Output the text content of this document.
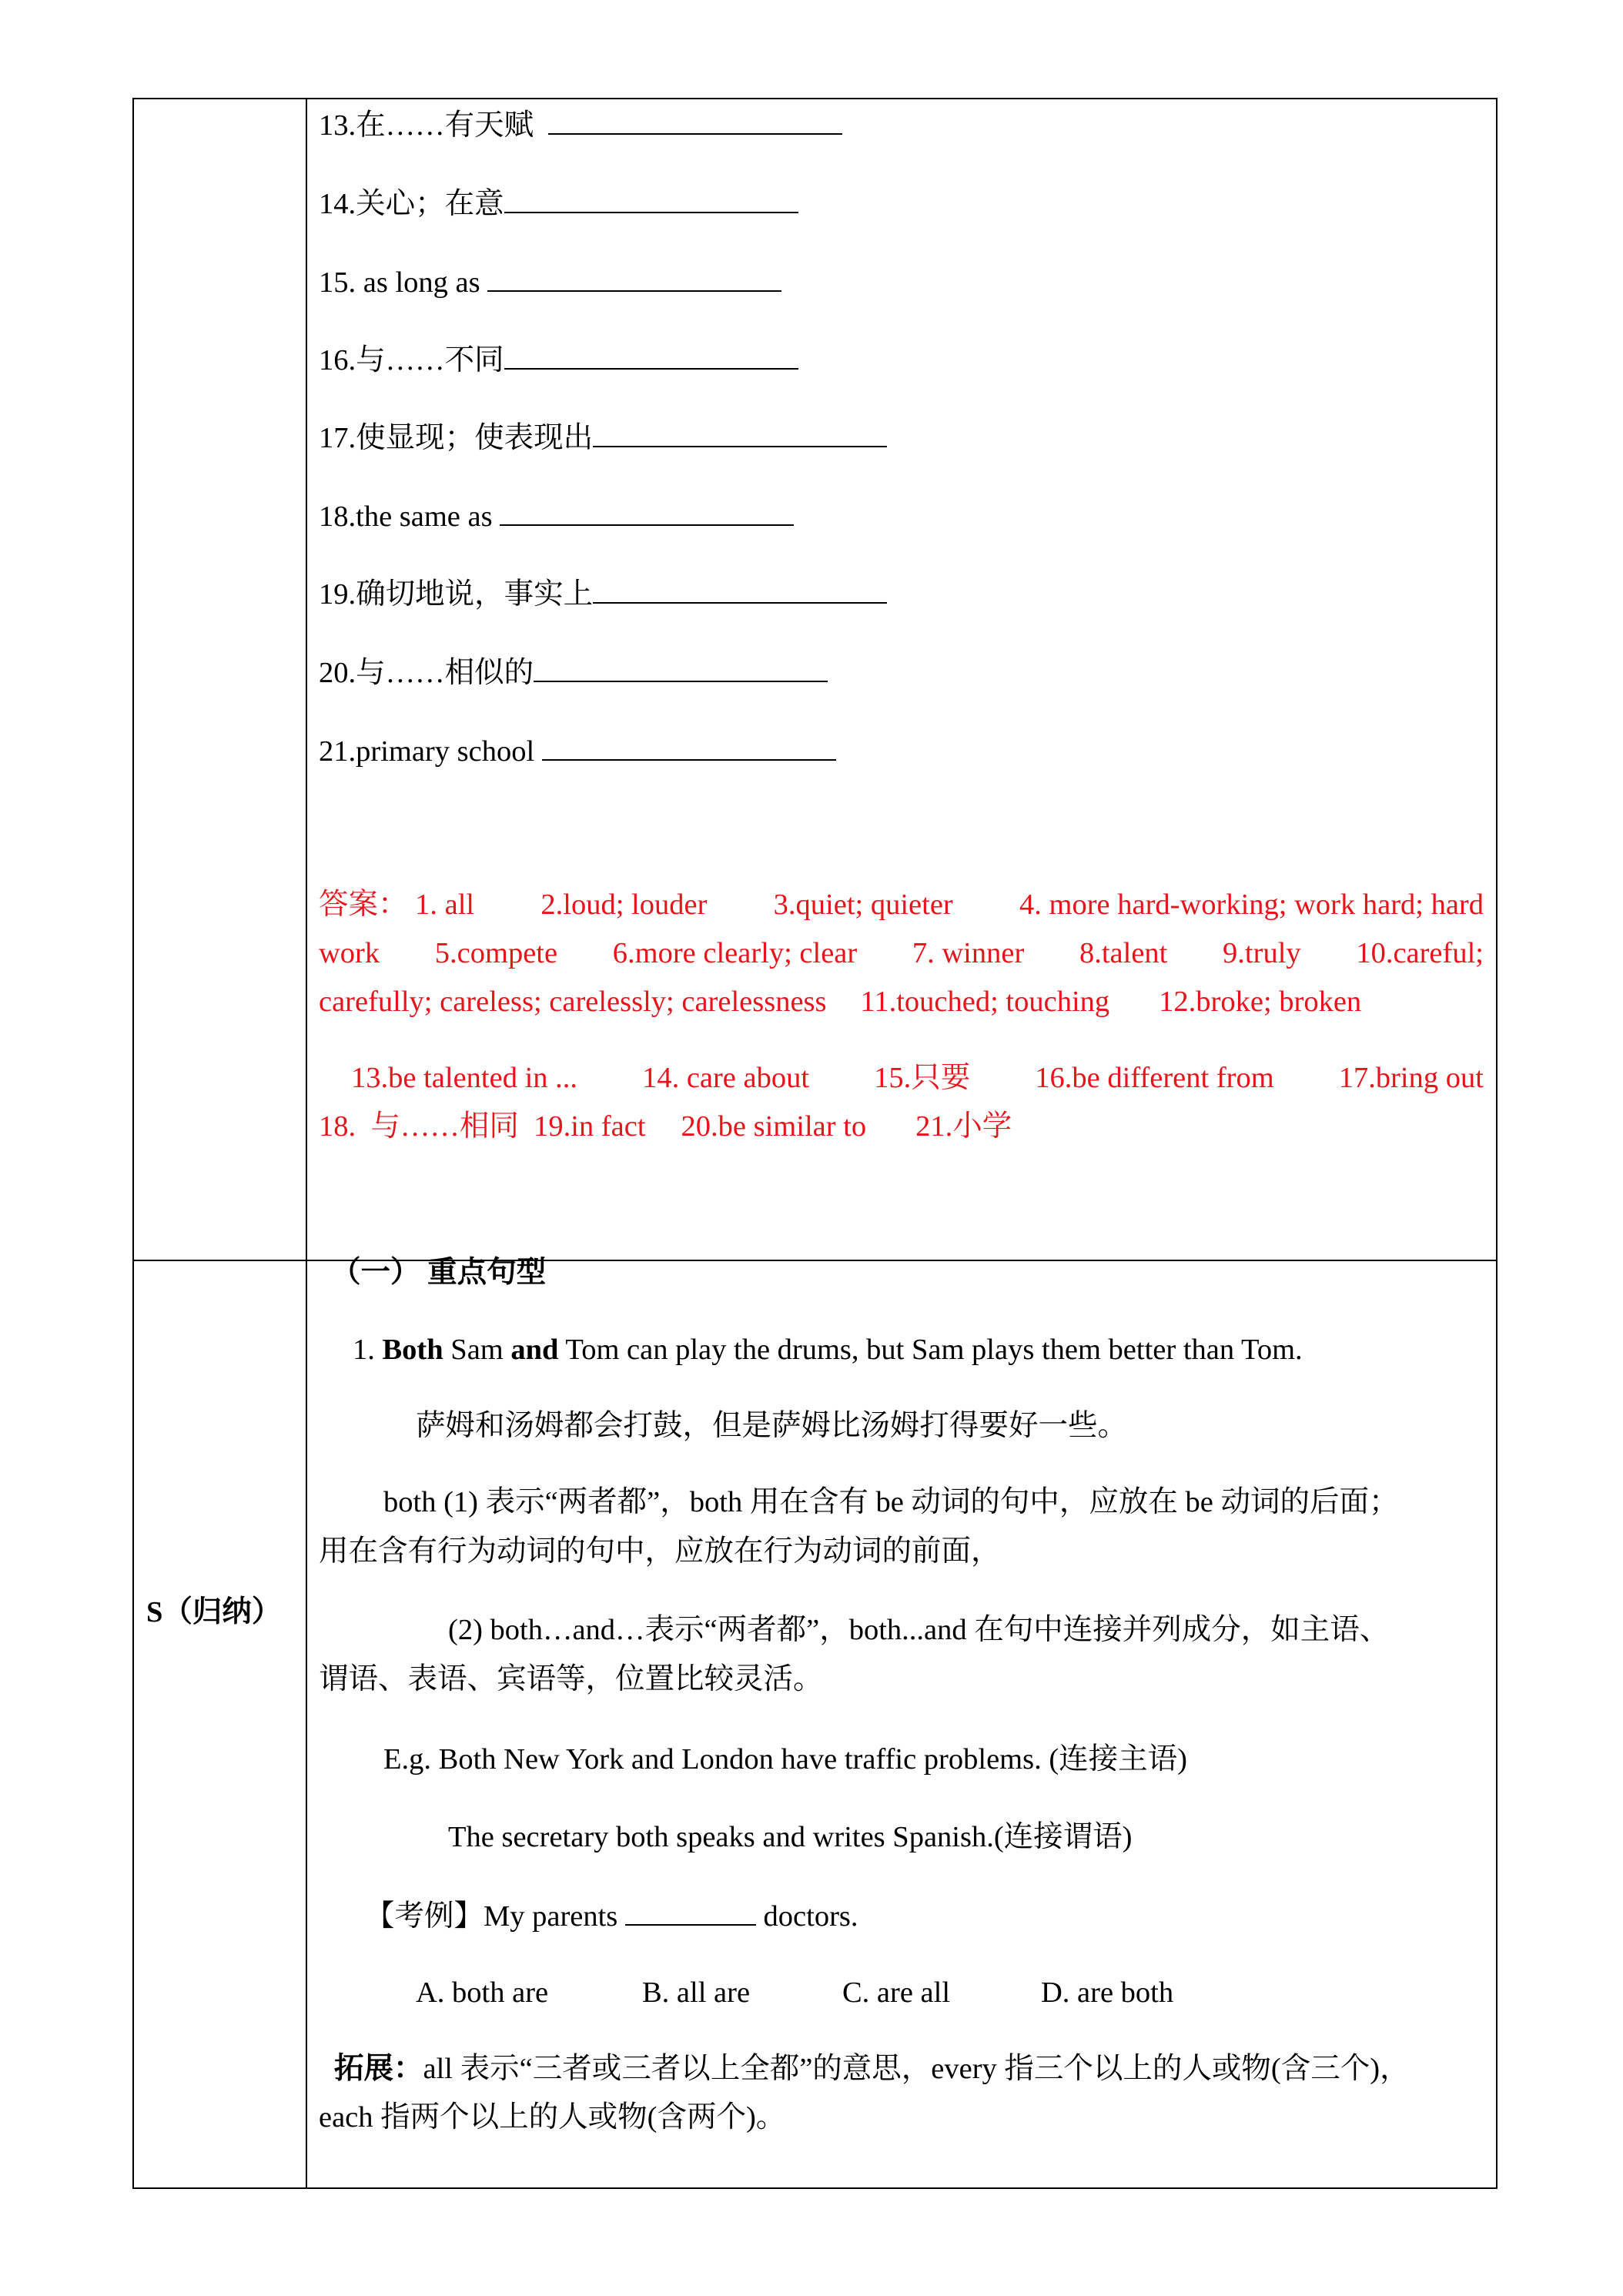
13.在……有天赋
14.关心；在意
15. as long as
16.与……不同
17.使显现；使表现出
18.the same as
19.确切地说，事实上
20.与……相似的
21.primary school
答案： 1. all 2.loud; louder 3.quiet; quieter 4. more hard-working; work hard; hard
work 5.compete 6.more clearly; clear 7. winner 8.talent 9.truly 10.careful;
carefully; careless; carelessly; carelessness 11.touched; touching 12.broke; broken
13.be talented in ... 14. care about 15.只要 16.be different from 17.bring out
18. 与……相同 19.in fact 20.be similar to 21.小学
S（归纳）
（一） 重点句型
1. Both Sam and Tom can play the drums, but Sam plays them better than Tom.
萨姆和汤姆都会打鼓，但是萨姆比汤姆打得要好一些。
both (1) 表示“两者都”，both 用在含有 be 动词的句中，应放在 be 动词的后面；
用在含有行为动词的句中，应放在行为动词的前面，
(2) both…and…表示“两者都”，both...and 在句中连接并列成分，如主语、
谓语、表语、宾语等，位置比较灵活。
E.g. Both New York and London have traffic problems. (连接主语)
The secretary both speaks and writes Spanish.(连接谓语)
【考例】My parents	doctors.
A. both are	B. all are	C. are all	D. are both
拓展：all 表示“三者或三者以上全都”的意思，every 指三个以上的人或物(含三个)，
each 指两个以上的人或物(含两个)。
